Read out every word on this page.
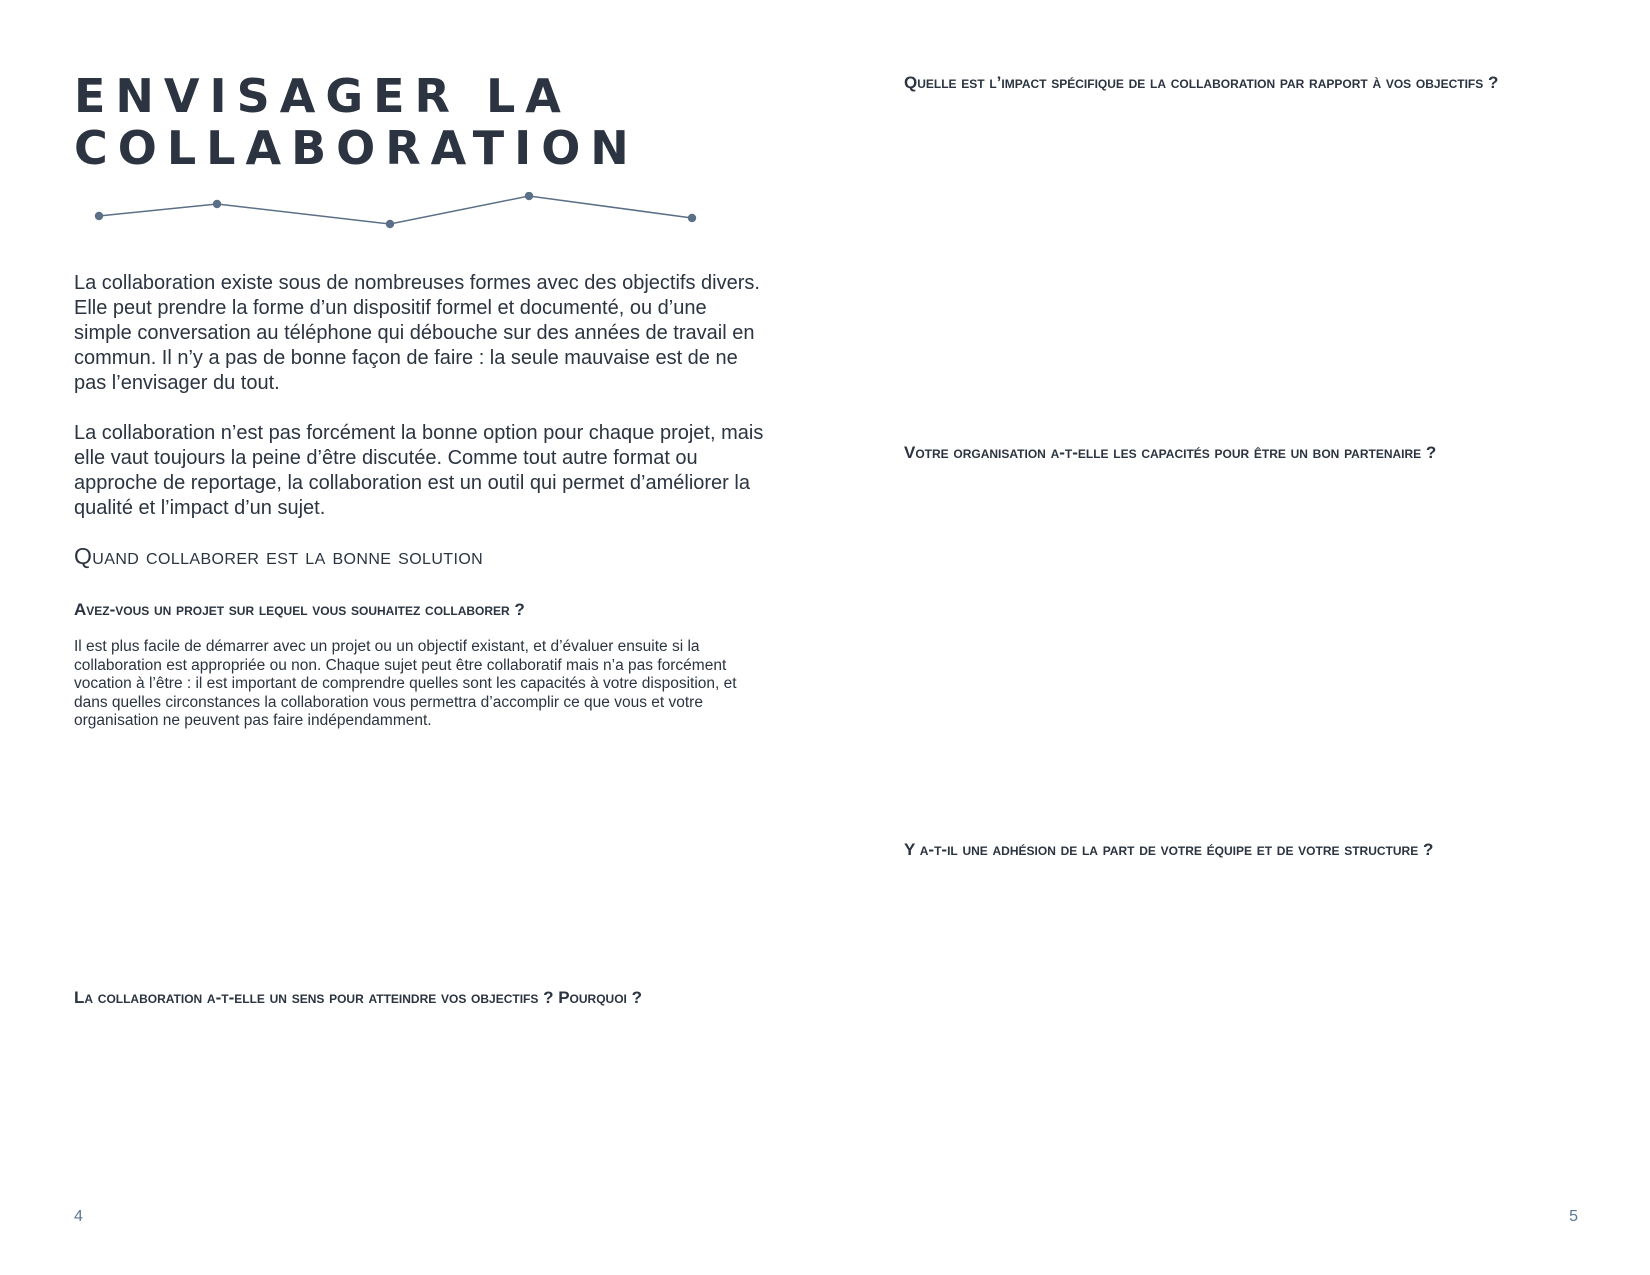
ENVISAGER LA
COLLABORATION

La collaboration existe sous de nombreuses formes avec des objectifs divers. Elle peut prendre la forme d’un dispositif formel et documenté, ou d’une simple conversation au téléphone qui débouche sur des années de travail en commun. Il n’y a pas de bonne façon de faire : la seule mauvaise est de ne pas l’envisager du tout.

La collaboration n’est pas forcément la bonne option pour chaque projet, mais elle vaut toujours la peine d’être discutée. Comme tout autre format ou approche de reportage, la collaboration est un outil qui permet d’améliorer la qualité et l’impact d’un sujet.

Quand collaborer est la bonne solution
Avez-vous un projet sur lequel vous souhaitez collaborer ?

Il est plus facile de démarrer avec un projet ou un objectif existant, et d’évaluer ensuite si la collaboration est appropriée ou non. Chaque sujet peut être collaboratif mais n’a pas forcément vocation à l’être : il est important de comprendre quelles sont les capacités à votre disposition, et dans quelles circonstances la collaboration vous permettra d’accomplir ce que vous et votre organisation ne peuvent pas faire indépendamment.

La collaboration a-t-elle un sens pour atteindre vos objectifs ? Pourquoi ?

4

Quelle est l’impact spécifique de la collaboration par rapport à vos objectifs ?
Votre organisation a-t-elle les capacités pour être un bon partenaire ?
Y a-t-il une adhésion de la part de votre équipe et de votre structure ?

5
